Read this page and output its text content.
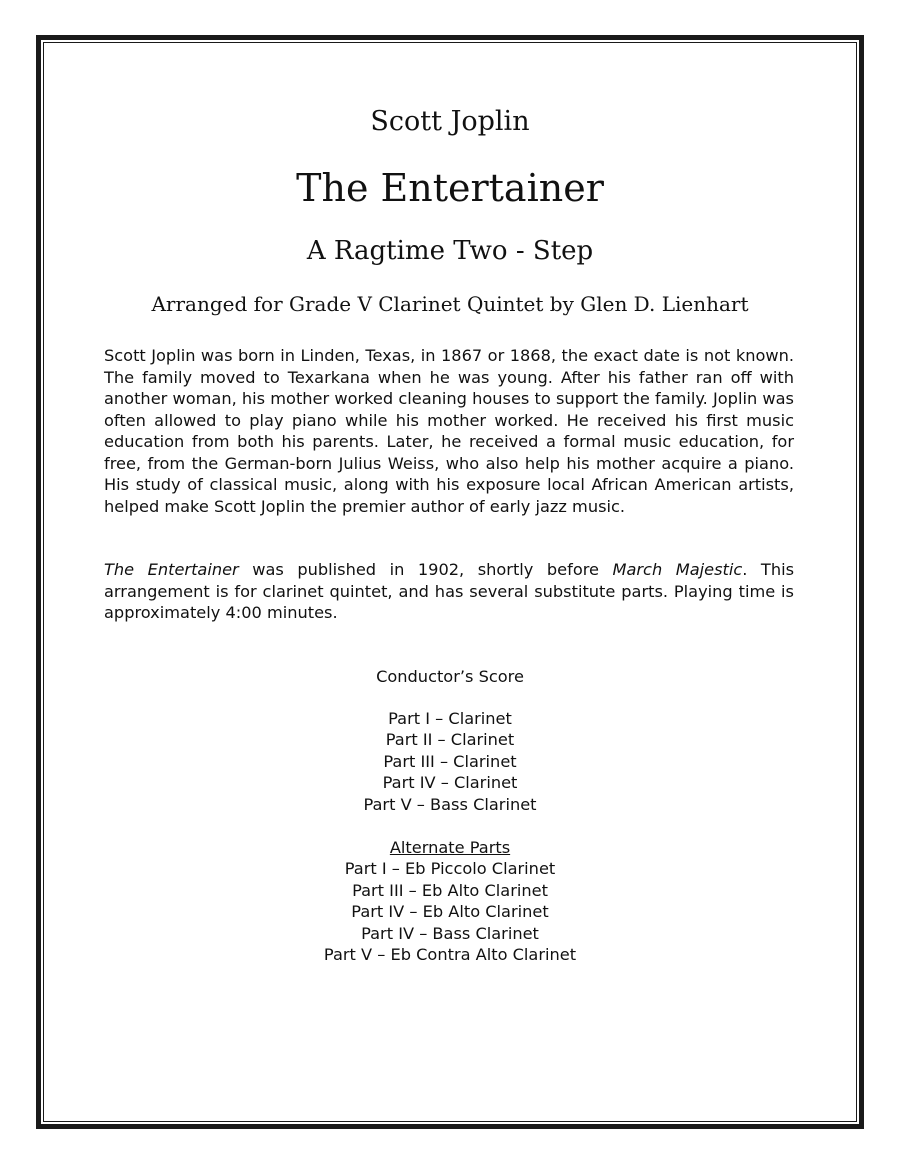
Scott Joplin
The Entertainer
A Ragtime Two - Step
Arranged for Grade V Clarinet Quintet by Glen D. Lienhart
Scott Joplin was born in Linden, Texas, in 1867 or 1868, the exact date is not known. The family moved to Texarkana when he was young. After his father ran off with another woman, his mother worked cleaning houses to support the family. Joplin was often allowed to play piano while his mother worked. He received his first music education from both his parents. Later, he received a formal music education, for free, from the German-born Julius Weiss, who also help his mother acquire a piano. His study of classical music, along with his exposure local African American artists, helped make Scott Joplin the premier author of early jazz music.
The Entertainer was published in 1902, shortly before March Majestic. This arrangement is for clarinet quintet, and has several substitute parts. Playing time is approximately 4:00 minutes.
Conductor’s Score
Part I – Clarinet
Part II – Clarinet
Part III – Clarinet
Part IV – Clarinet
Part V – Bass Clarinet
Alternate Parts
Part I – Eb Piccolo Clarinet
Part III – Eb Alto Clarinet
Part IV – Eb Alto Clarinet
Part IV – Bass Clarinet
Part V – Eb Contra Alto Clarinet
